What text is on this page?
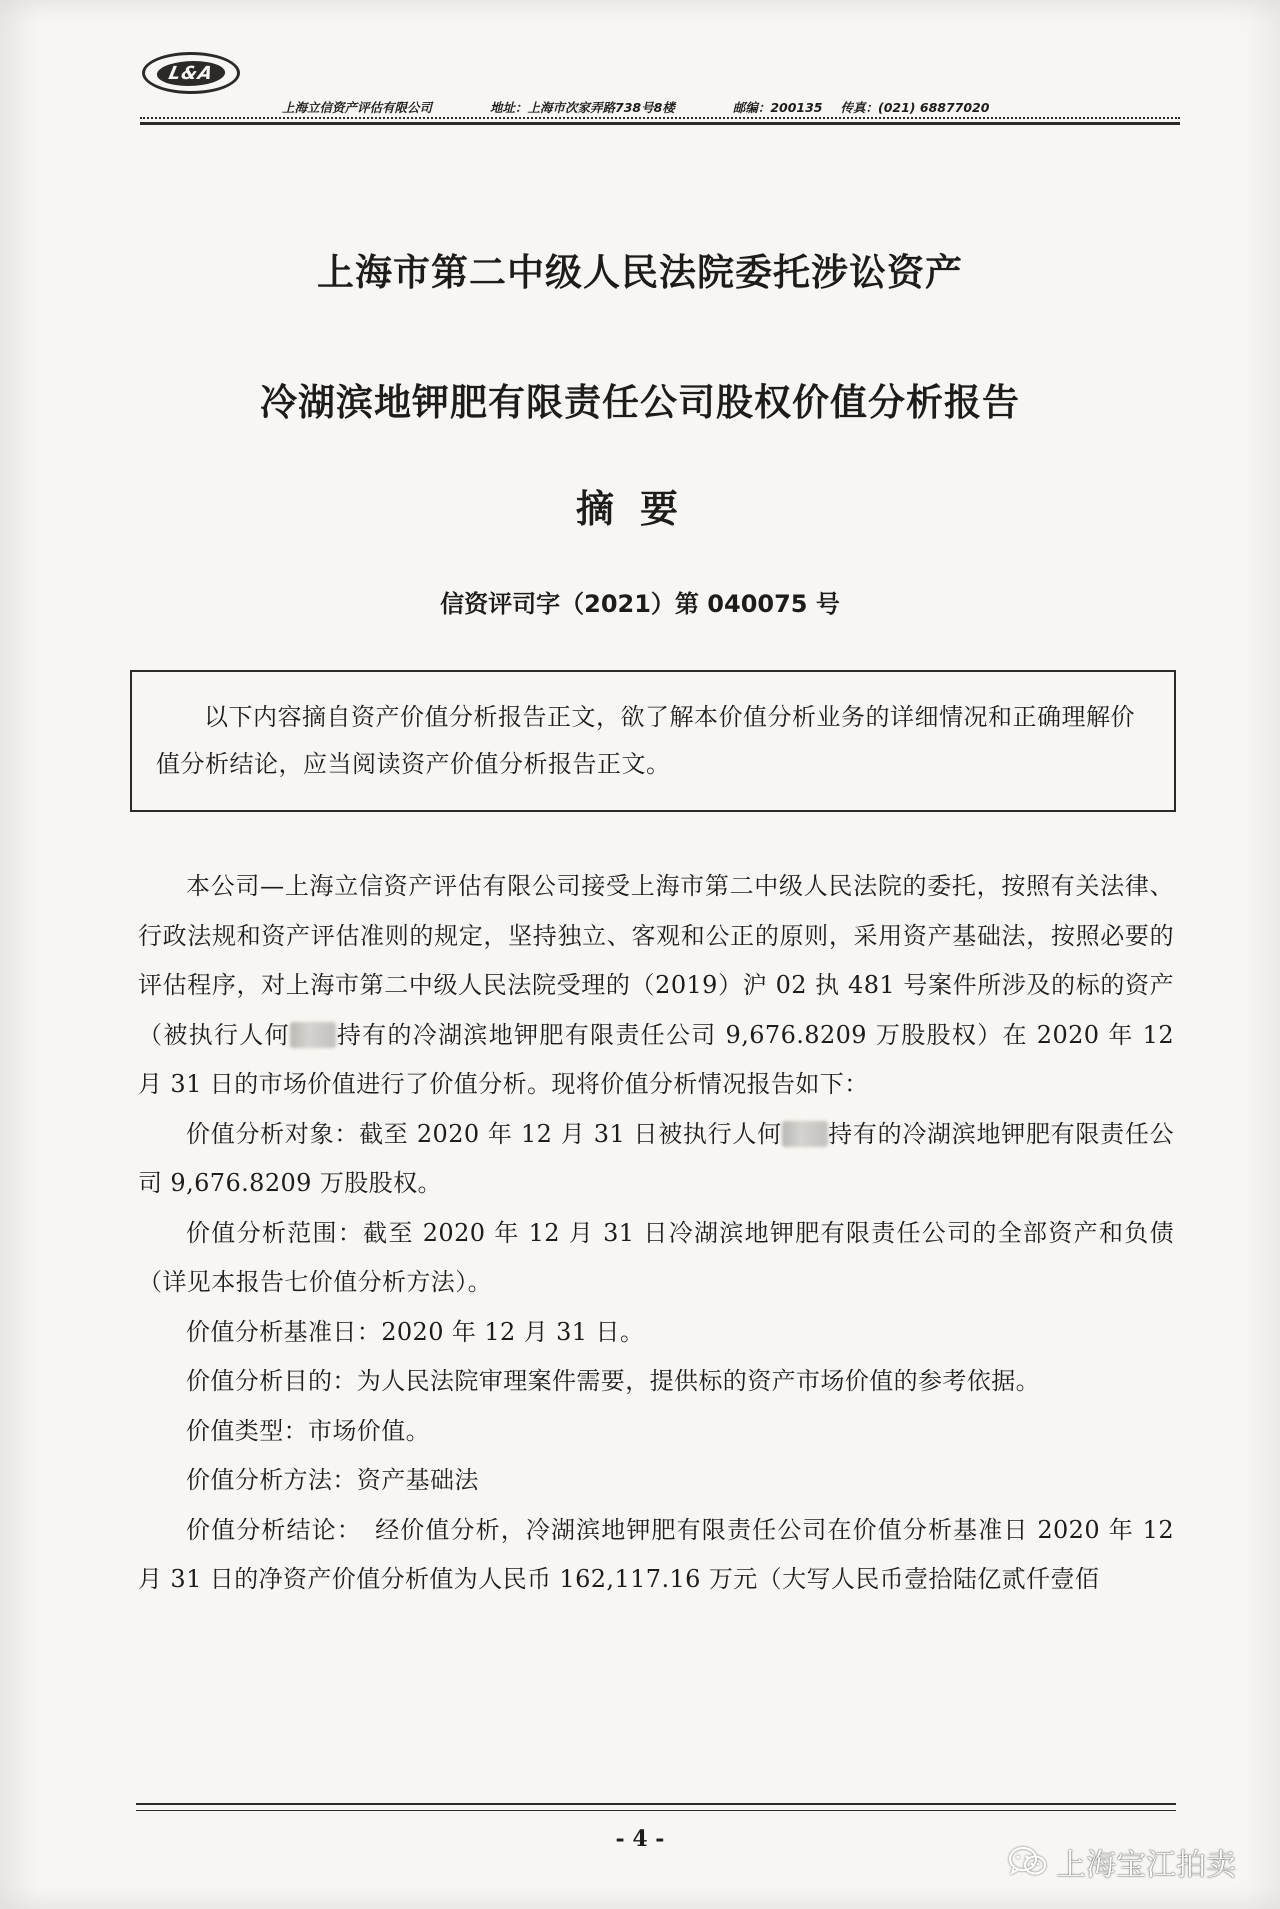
L&A
上海立信资产评估有限公司	地址：上海市次家弄路738号8楼	邮编：200135 传真：(021) 68877020
上海市第二中级人民法院委托涉讼资产
冷湖滨地钾肥有限责任公司股权价值分析报告
摘要
信资评司字（2021）第 040075 号
以下内容摘自资产价值分析报告正文，欲了解本价值分析业务的详细情况和正确理解价值分析结论，应当阅读资产价值分析报告正文。

本公司—上海立信资产评估有限公司接受上海市第二中级人民法院的委托，按照有关法律、行政法规和资产评估准则的规定，坚持独立、客观和公正的原则，采用资产基础法，按照必要的评估程序，对上海市第二中级人民法院受理的（2019）沪 02 执 481 号案件所涉及的标的资产（被执行人何 持有的冷湖滨地钾肥有限责任公司 9,676.8209 万股股权）在 2020 年 12 月 31 日的市场价值进行了价值分析。现将价值分析情况报告如下：

价值分析对象：截至 2020 年 12 月 31 日被执行人何 持有的冷湖滨地钾肥有限责任公司 9,676.8209 万股股权。

价值分析范围：截至 2020 年 12 月 31 日冷湖滨地钾肥有限责任公司的全部资产和负债（详见本报告七价值分析方法）。

价值分析基准日：2020 年 12 月 31 日。

价值分析目的：为人民法院审理案件需要，提供标的资产市场价值的参考依据。

价值类型：市场价值。

价值分析方法：资产基础法

价值分析结论：　经价值分析，冷湖滨地钾肥有限责任公司在价值分析基准日 2020 年 12 月 31 日的净资产价值分析值为人民币 162,117.16 万元（大写人民币壹拾陆亿贰仟壹佰

- 4 -
上海宝江拍卖
